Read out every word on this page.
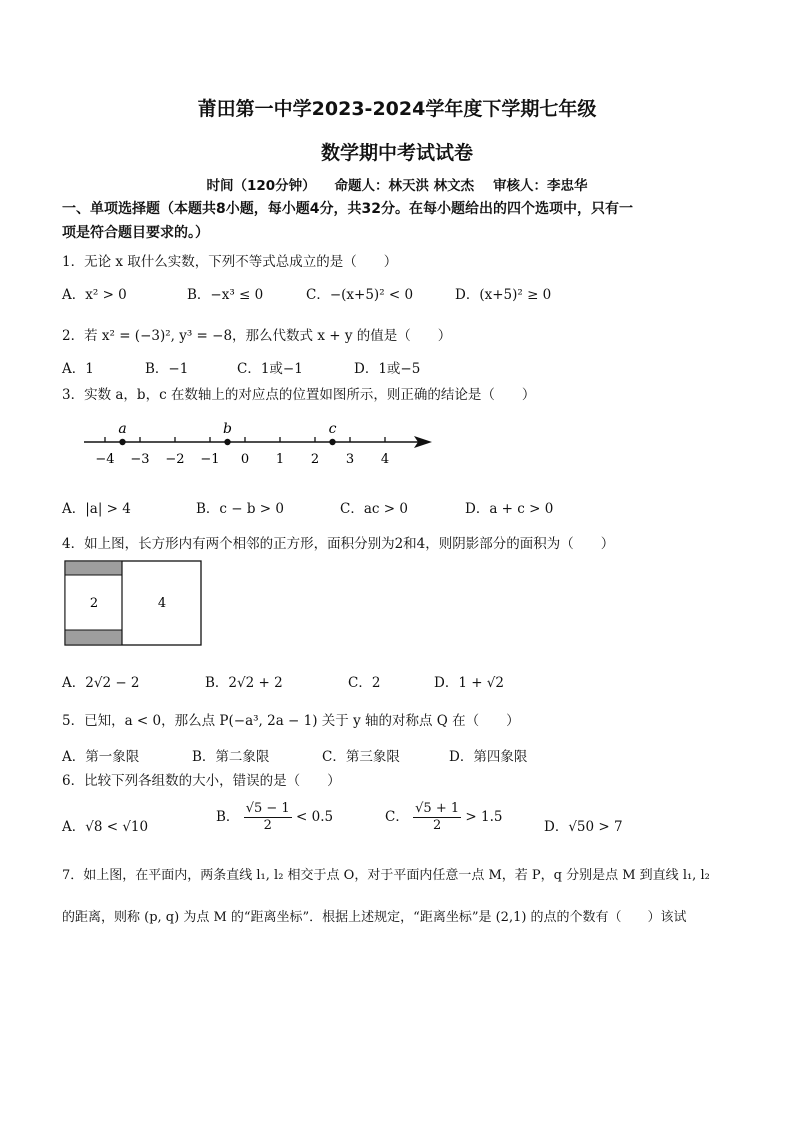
莆田第一中学2023-2024学年度下学期七年级
数学期中考试试卷
时间（120分钟）    命题人：林天洪 林文杰    审核人：李忠华
一、单项选择题（本题共8小题，每小题4分，共32分。在每小题给出的四个选项中，只有一
项是符合题目要求的。）
1．无论 x 取什么实数，下列不等式总成立的是（　　）
A．x² > 0	B．−x³ ≤ 0	C．−(x+5)² < 0	D．(x+5)² ≥ 0
2．若 x² = (−3)², y³ = −8，那么代数式 x + y 的值是（　　）
A．1	B．−1	C．1或−1	D．1或−5
3．实数 a，b，c 在数轴上的对应点的位置如图所示，则正确的结论是（　　）
−4 −3 −2 −1 0 1 2 3 4
a	b	c
A．|a| > 4	B．c − b > 0	C．ac > 0	D．a + c > 0
4．如上图，长方形内有两个相邻的正方形，面积分别为2和4，则阴影部分的面积为（　　）
2	4
A．2√2 − 2	B．2√2 + 2	C．2	D．1 + √2
5．已知，a < 0，那么点 P(−a³, 2a − 1) 关于 y 轴的对称点 Q 在（　　）
A．第一象限	B．第二象限	C．第三象限	D．第四象限
6．比较下列各组数的大小，错误的是（　　）
A．√8 < √10
B． $\frac{√5 - 1}{2} < 0.5$	C． $\frac{√5 + 1}{2} > 1.5$
D．√50 > 7
7．如上图，在平面内，两条直线 l₁, l₂ 相交于点 O，对于平面内任意一点 M，若 P，q 分别是点 M 到直线 l₁, l₂
的距离，则称 (p, q) 为点 M 的“距离坐标”．根据上述规定，“距离坐标”是 (2,1) 的点的个数有（　　）该试
